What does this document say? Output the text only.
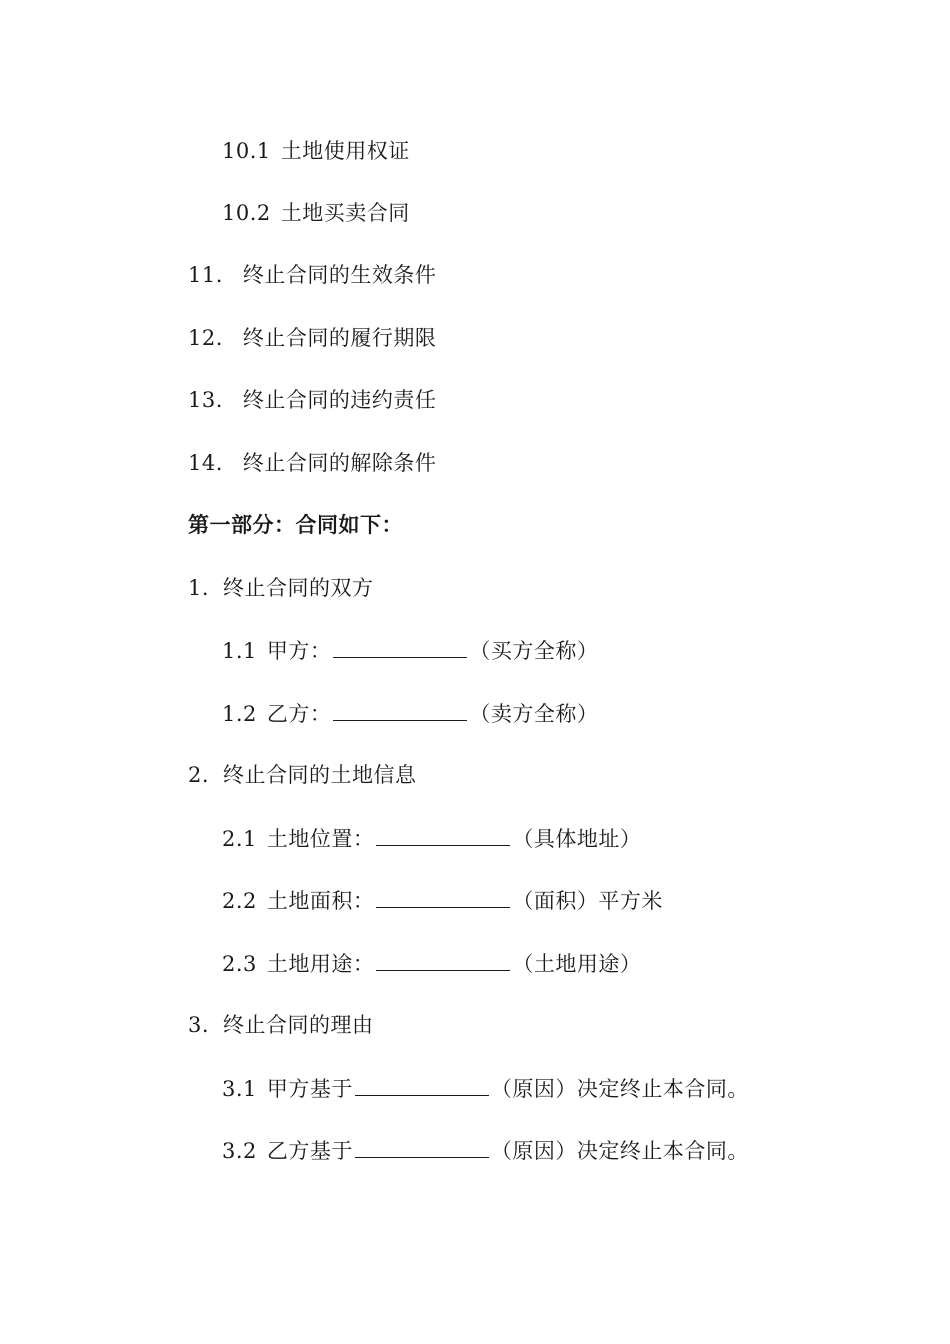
10.1 土地使用权证
10.2 土地买卖合同
11. 终止合同的生效条件
12. 终止合同的履行期限
13. 终止合同的违约责任
14. 终止合同的解除条件
第一部分：合同如下：
1. 终止合同的双方
1.1 甲方：	（买方全称）
1.2 乙方：	（卖方全称）
2. 终止合同的土地信息
2.1 土地位置：	（具体地址）
2.2 土地面积：	（面积）平方米
2.3 土地用途：	（土地用途）
3. 终止合同的理由
3.1 甲方基于	（原因）决定终止本合同。
3.2 乙方基于	（原因）决定终止本合同。
